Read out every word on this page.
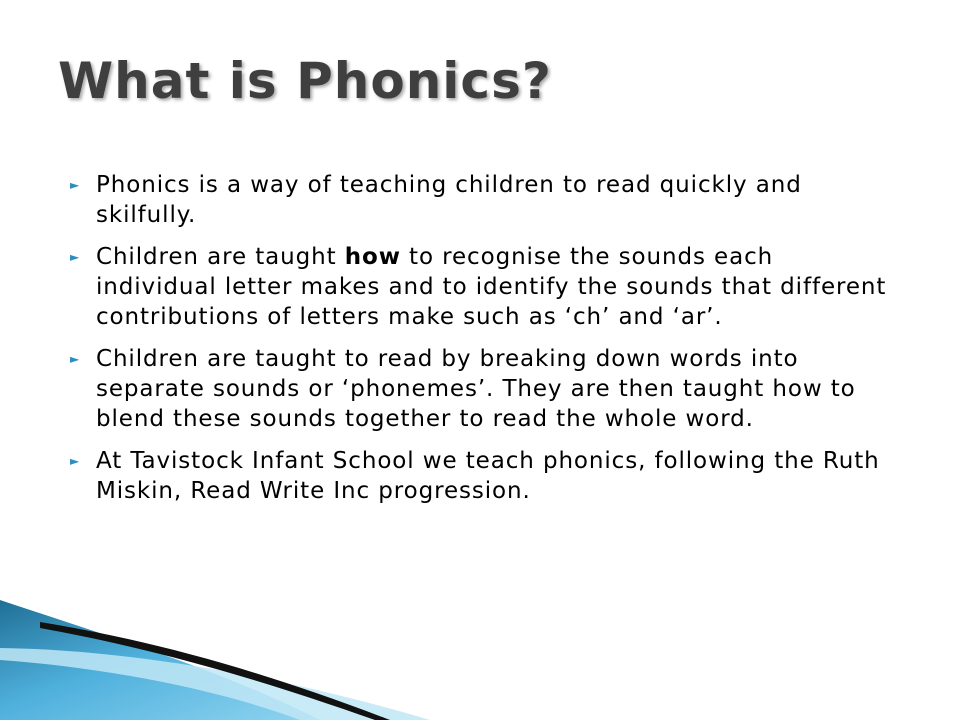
What is Phonics?
► Phonics is a way of teaching children to read quickly and skilfully.
► Children are taught how to recognise the sounds each individual letter makes and to identify the sounds that different contributions of letters make such as ‘ch’ and ‘ar’.
► Children are taught to read by breaking down words into separate sounds or ‘phonemes’. They are then taught how to blend these sounds together to read the whole word.
► At Tavistock Infant School we teach phonics, following the Ruth Miskin, Read Write Inc progression.
